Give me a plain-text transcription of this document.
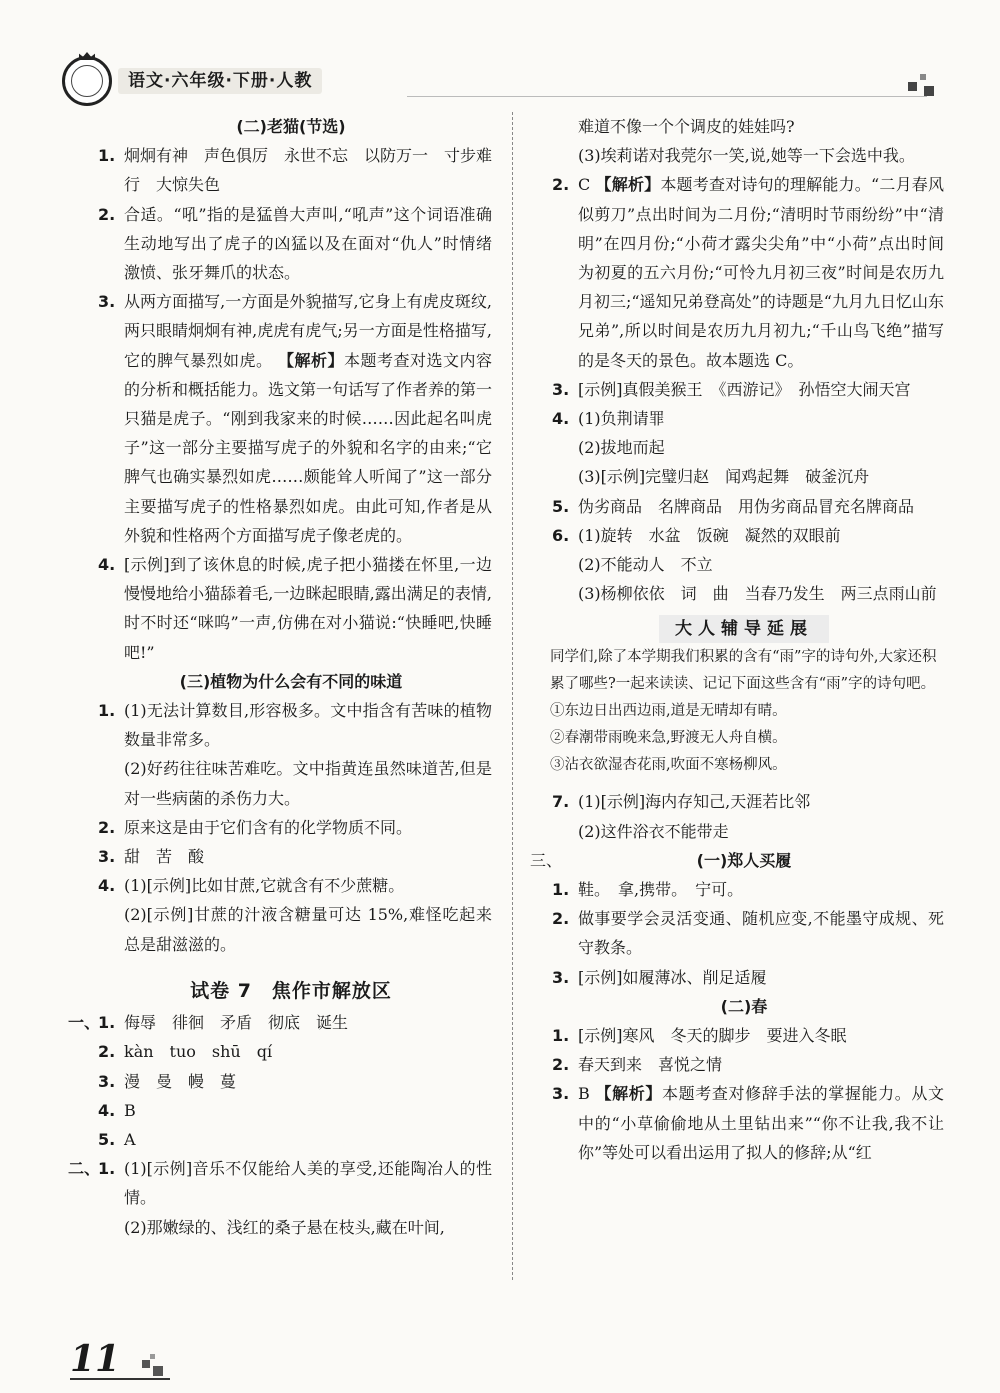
语文·六年级·下册·人教
(二)老猫(节选)
1. 炯炯有神　声色俱厉　永世不忘　以防万一　寸步难行　大惊失色
2. 合适。“吼”指的是猛兽大声叫,“吼声”这个词语准确生动地写出了虎子的凶猛以及在面对“仇人”时情绪激愤、张牙舞爪的状态。
3. 从两方面描写,一方面是外貌描写,它身上有虎皮斑纹,两只眼睛炯炯有神,虎虎有虎气;另一方面是性格描写,它的脾气暴烈如虎。 【解析】本题考查对选文内容的分析和概括能力。选文第一句话写了作者养的第一只猫是虎子。“刚到我家来的时候……因此起名叫虎子”这一部分主要描写虎子的外貌和名字的由来;“它脾气也确实暴烈如虎……颇能耸人听闻了”这一部分主要描写虎子的性格暴烈如虎。由此可知,作者是从外貌和性格两个方面描写虎子像老虎的。
4. [示例]到了该休息的时候,虎子把小猫搂在怀里,一边慢慢地给小猫舔着毛,一边眯起眼睛,露出满足的表情,时不时还“咪呜”一声,仿佛在对小猫说:“快睡吧,快睡吧!”
(三)植物为什么会有不同的味道
1. (1)无法计算数目,形容极多。文中指含有苦味的植物数量非常多。
(2)好药往往味苦难吃。文中指黄连虽然味道苦,但是对一些病菌的杀伤力大。
2. 原来这是由于它们含有的化学物质不同。
3. 甜　苦　酸
4. (1)[示例]比如甘蔗,它就含有不少蔗糖。
(2)[示例]甘蔗的汁液含糖量可达 15%,难怪吃起来总是甜滋滋的。
试卷 7　焦作市解放区
一、
1. 侮辱　徘徊　矛盾　彻底　诞生
2. kàn　tuo　shū　qí
3. 漫　曼　幔　蔓
4. B
5. A
二、
1. (1)[示例]音乐不仅能给人美的享受,还能陶冶人的性情。
(2)那嫩绿的、浅红的桑子悬在枝头,藏在叶间,
难道不像一个个调皮的娃娃吗?
(3)埃莉诺对我莞尔一笑,说,她等一下会选中我。
2. C 【解析】本题考查对诗句的理解能力。“二月春风似剪刀”点出时间为二月份;“清明时节雨纷纷”中“清明”在四月份;“小荷才露尖尖角”中“小荷”点出时间为初夏的五六月份;“可怜九月初三夜”时间是农历九月初三;“遥知兄弟登高处”的诗题是“九月九日忆山东兄弟”,所以时间是农历九月初九;“千山鸟飞绝”描写的是冬天的景色。故本题选 C。
3. [示例]真假美猴王　《西游记》　孙悟空大闹天宫
4. (1)负荆请罪
(2)拔地而起
(3)[示例]完璧归赵　闻鸡起舞　破釜沉舟
5. 伪劣商品　名牌商品　用伪劣商品冒充名牌商品
6. (1)旋转　水盆　饭碗　凝然的双眼前
(2)不能动人　不立
(3)杨柳依依　词　曲　当春乃发生　两三点雨山前
大人辅导延展
同学们,除了本学期我们积累的含有“雨”字的诗句外,大家还积累了哪些?一起来读读、记记下面这些含有“雨”字的诗句吧。
①东边日出西边雨,道是无晴却有晴。
②春潮带雨晚来急,野渡无人舟自横。
③沾衣欲湿杏花雨,吹面不寒杨柳风。
7. (1)[示例]海内存知己,天涯若比邻
(2)这件浴衣不能带走
三、	(一)郑人买履
1. 鞋。　拿,携带。　宁可。
2. 做事要学会灵活变通、随机应变,不能墨守成规、死守教条。
3. [示例]如履薄冰、削足适履
(二)春
1. [示例]寒风　冬天的脚步　要进入冬眠
2. 春天到来　喜悦之情
3. B 【解析】本题考查对修辞手法的掌握能力。从文中的“小草偷偷地从土里钻出来”“你不让我,我不让你”等处可以看出运用了拟人的修辞;从“红
11
